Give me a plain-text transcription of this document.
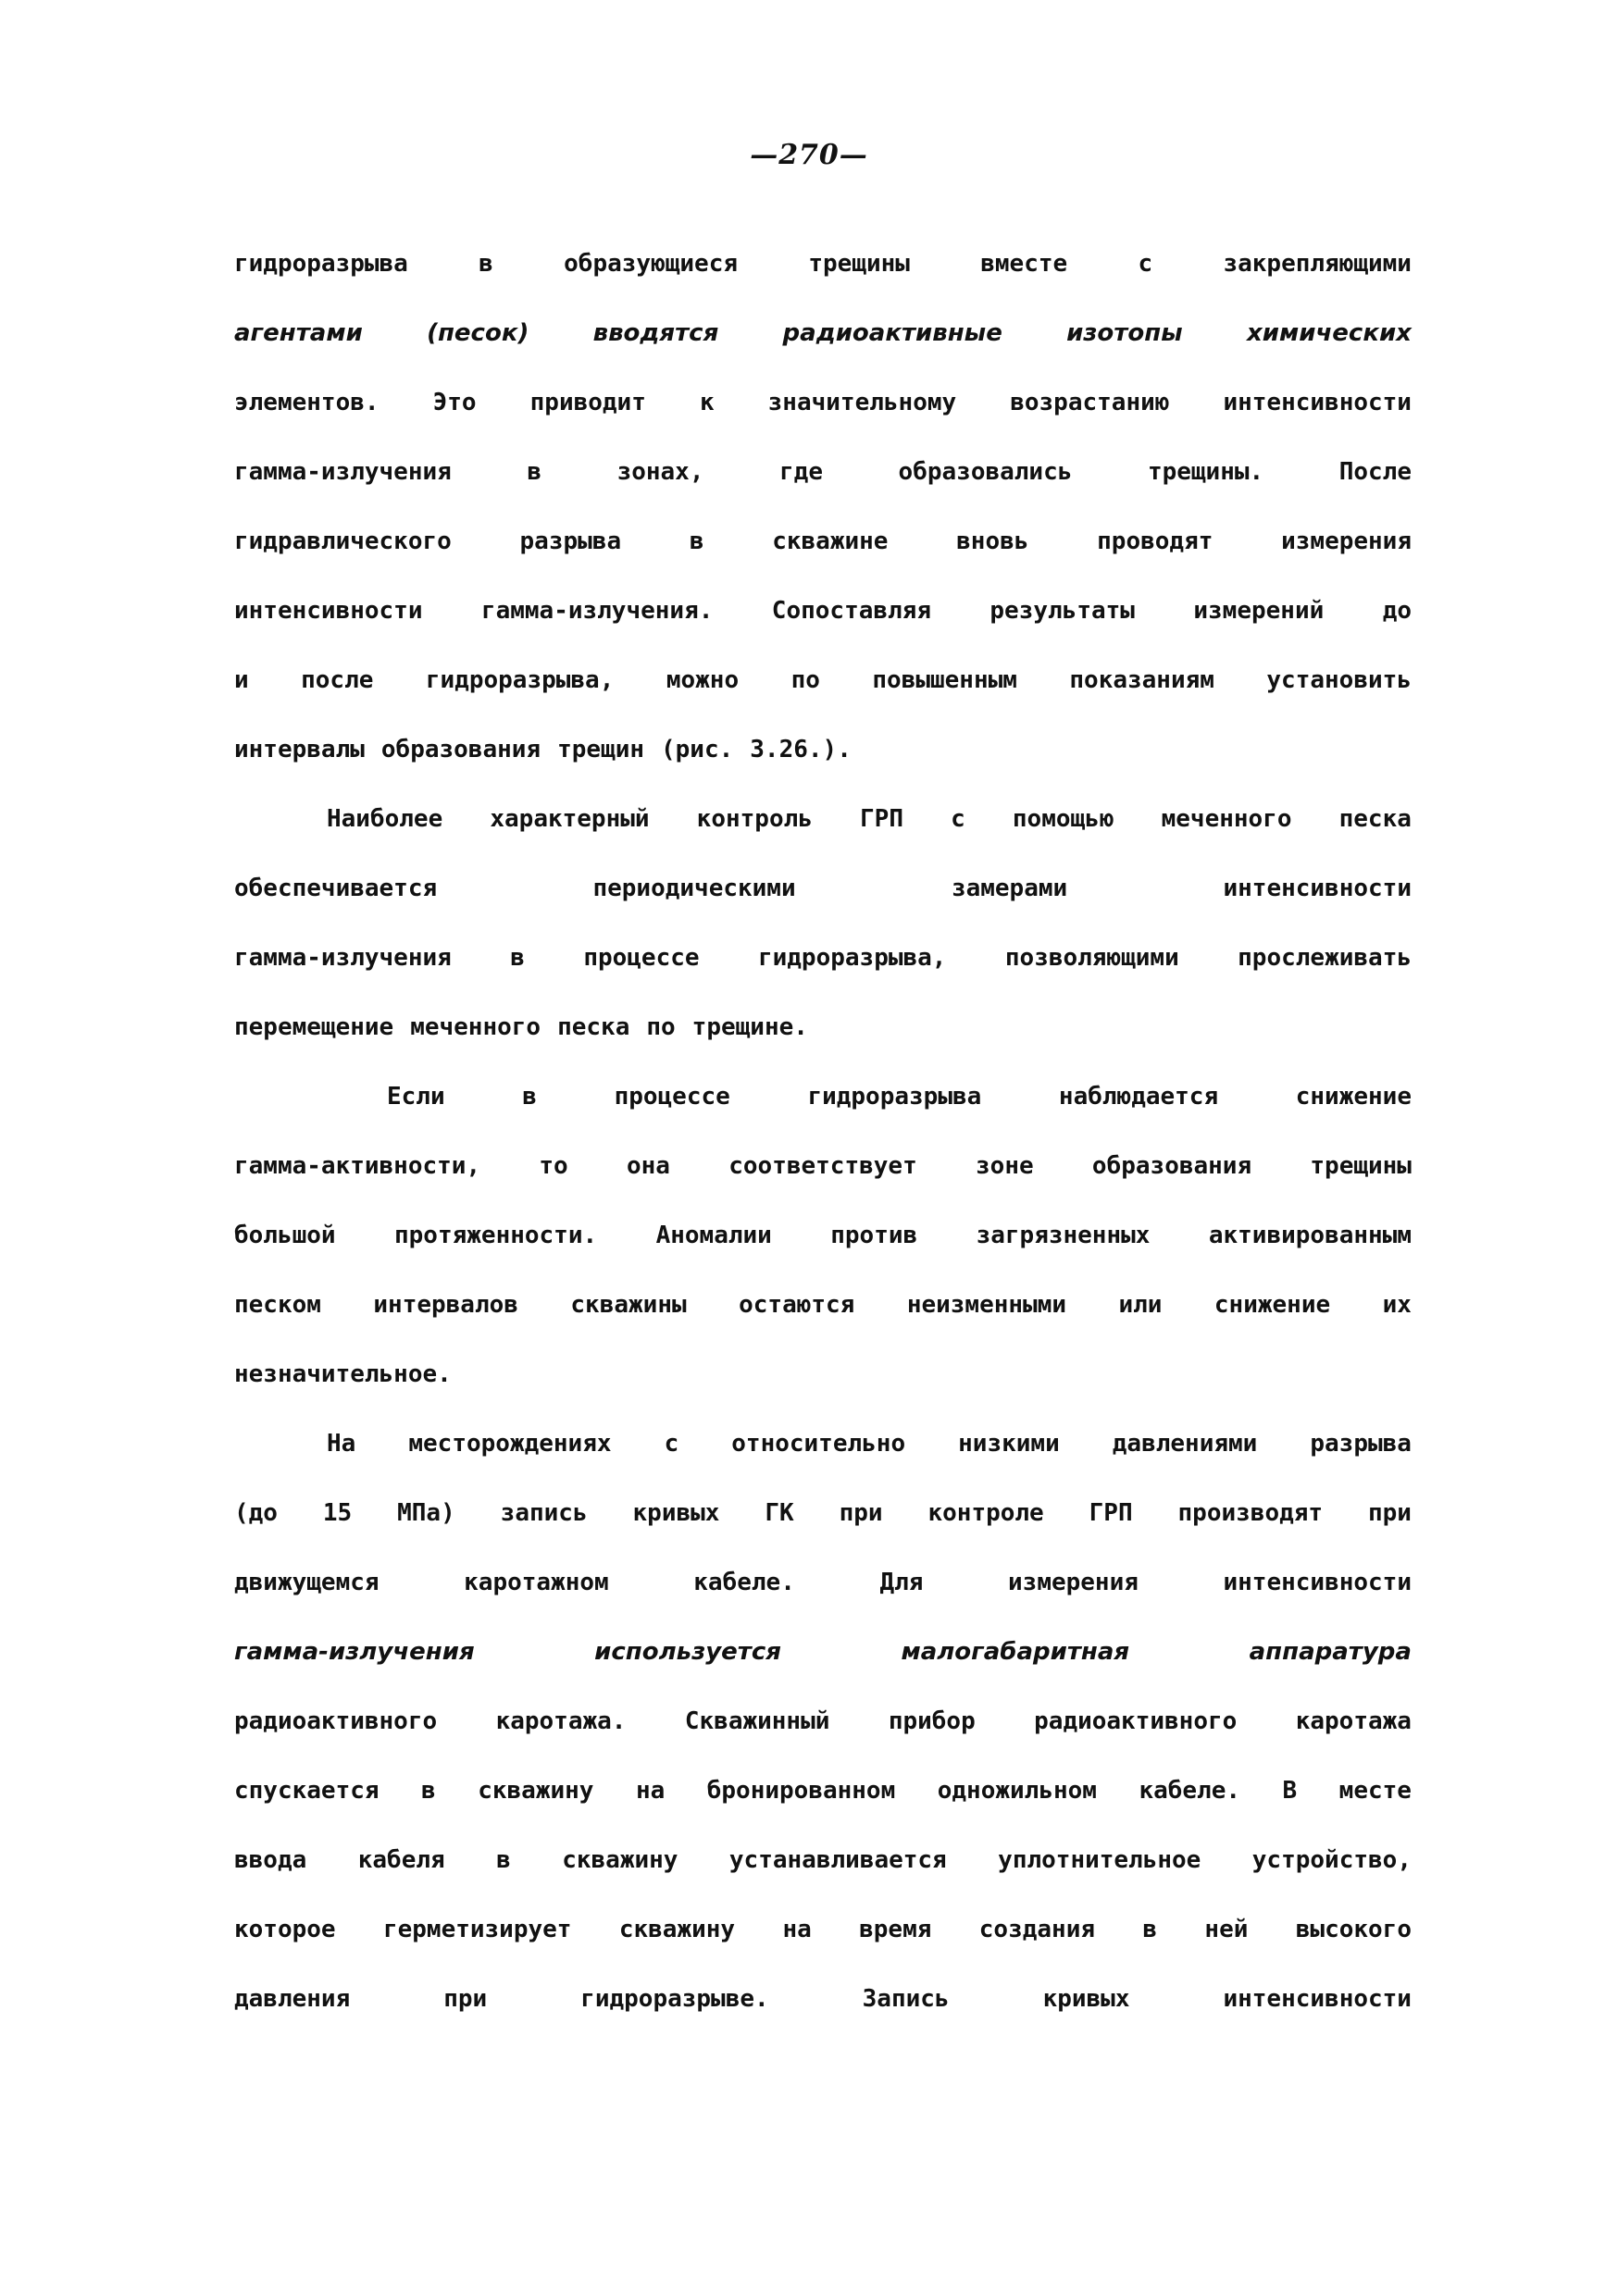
—270—
гидроразрыва	в	образующиеся	трещины	вместе	с	закрепляющими
агентами	(песок)	вводятся	радиоактивные	изотопы	химических
элементов. Это приводит к значительному возрастанию интенсивности
гамма-излучения	в	зонах,	где	образовались	трещины.	После
гидравлического	разрыва	в	скважине	вновь	проводят	измерения
интенсивности гамма-излучения. Сопоставляя результаты измерений до
и после гидроразрыва, можно по повышенным показаниям установить
интервалы образования трещин (рис. 3.26.).
Наиболее характерный контроль ГРП с помощью меченного песка
обеспечивается	периодическими	замерами	интенсивности
гамма-излучения в процессе гидроразрыва, позволяющими прослеживать
перемещение меченного песка по трещине.
Если	в	процессе	гидроразрыва	наблюдается	снижение
гамма-активности, то она соответствует зоне образования трещины
большой протяженности. Аномалии против загрязненных активированным
песком интервалов скважины остаются неизменными или снижение их
незначительное.
На месторождениях с относительно низкими давлениями разрыва
(до 15 МПа) запись кривых ГК при контроле ГРП производят при
движущемся	каротажном	кабеле.	Для	измерения	интенсивности
гамма-излучения	используется	малогабаритная	аппаратура
радиоактивного каротажа. Скважинный прибор радиоактивного каротажа
спускается в скважину на бронированном одножильном кабеле. В месте
ввода кабеля в скважину устанавливается уплотнительное устройство,
которое герметизирует скважину на время создания в ней высокого
давления	при	гидроразрыве.	Запись	кривых	интенсивности
